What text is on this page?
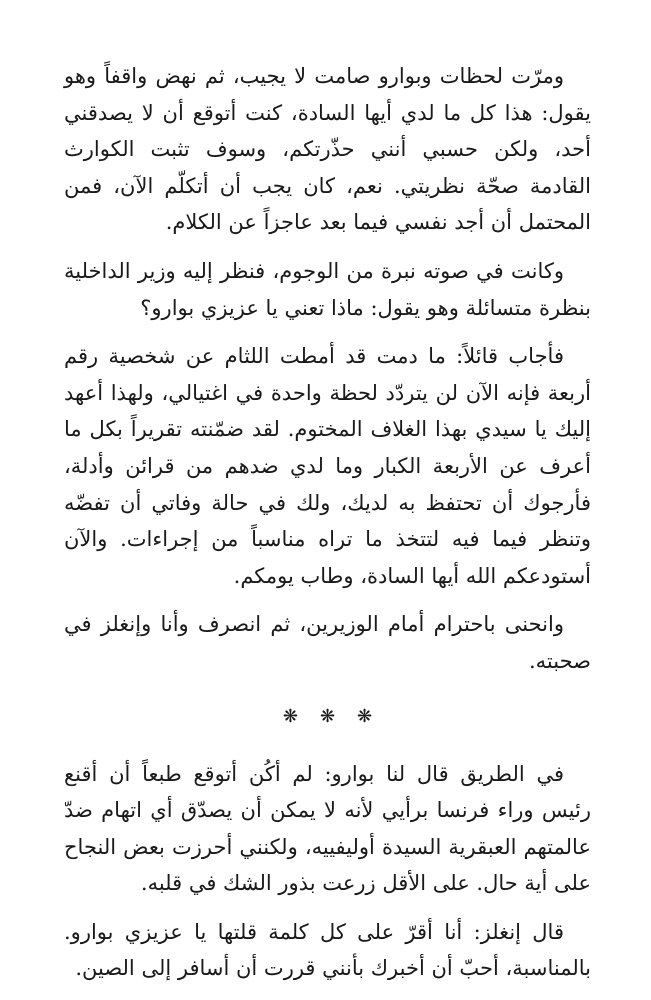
ومرّت لحظات وبوارو صامت لا يجيب، ثم نهض واقفاً وهو يقول: هذا كل ما لدي أيها السادة، كنت أتوقع أن لا يصدقني أحد، ولكن حسبي أنني حذّرتكم، وسوف تثبت الكوارث القادمة صحّة نظريتي. نعم، كان يجب أن أتكلّم الآن، فمن المحتمل أن أجد نفسي فيما بعد عاجزاً عن الكلام.

وكانت في صوته نبرة من الوجوم، فنظر إليه وزير الداخلية بنظرة متسائلة وهو يقول: ماذا تعني يا عزيزي بوارو؟

فأجاب قائلاً: ما دمت قد أمطت اللثام عن شخصية رقم أربعة فإنه الآن لن يتردّد لحظة واحدة في اغتيالي، ولهذا أعهد إليك يا سيدي بهذا الغلاف المختوم. لقد ضمّنته تقريراً بكل ما أعرف عن الأربعة الكبار وما لدي ضدهم من قرائن وأدلة، فأرجوك أن تحتفظ به لديك، ولك في حالة وفاتي أن تفضّه وتنظر فيما فيه لتتخذ ما تراه مناسباً من إجراءات. والآن أستودعكم الله أيها السادة، وطاب يومكم.

وانحنى باحترام أمام الوزيرين، ثم انصرف وأنا وإنغلز في صحبته.

❋
❋
❋

في الطريق قال لنا بوارو: لم أكُن أتوقع طبعاً أن أقنع رئيس وراء فرنسا برأيي لأنه لا يمكن أن يصدّق أي اتهام ضدّ عالمتهم العبقرية السيدة أوليفييه، ولكنني أحرزت بعض النجاح على أية حال. على الأقل زرعت بذور الشك في قلبه.

قال إنغلز: أنا أقرّ على كل كلمة قلتها يا عزيزي بوارو. بالمناسبة، أحبّ أن أخبرك بأنني قررت أن أسافر إلى الصين.
